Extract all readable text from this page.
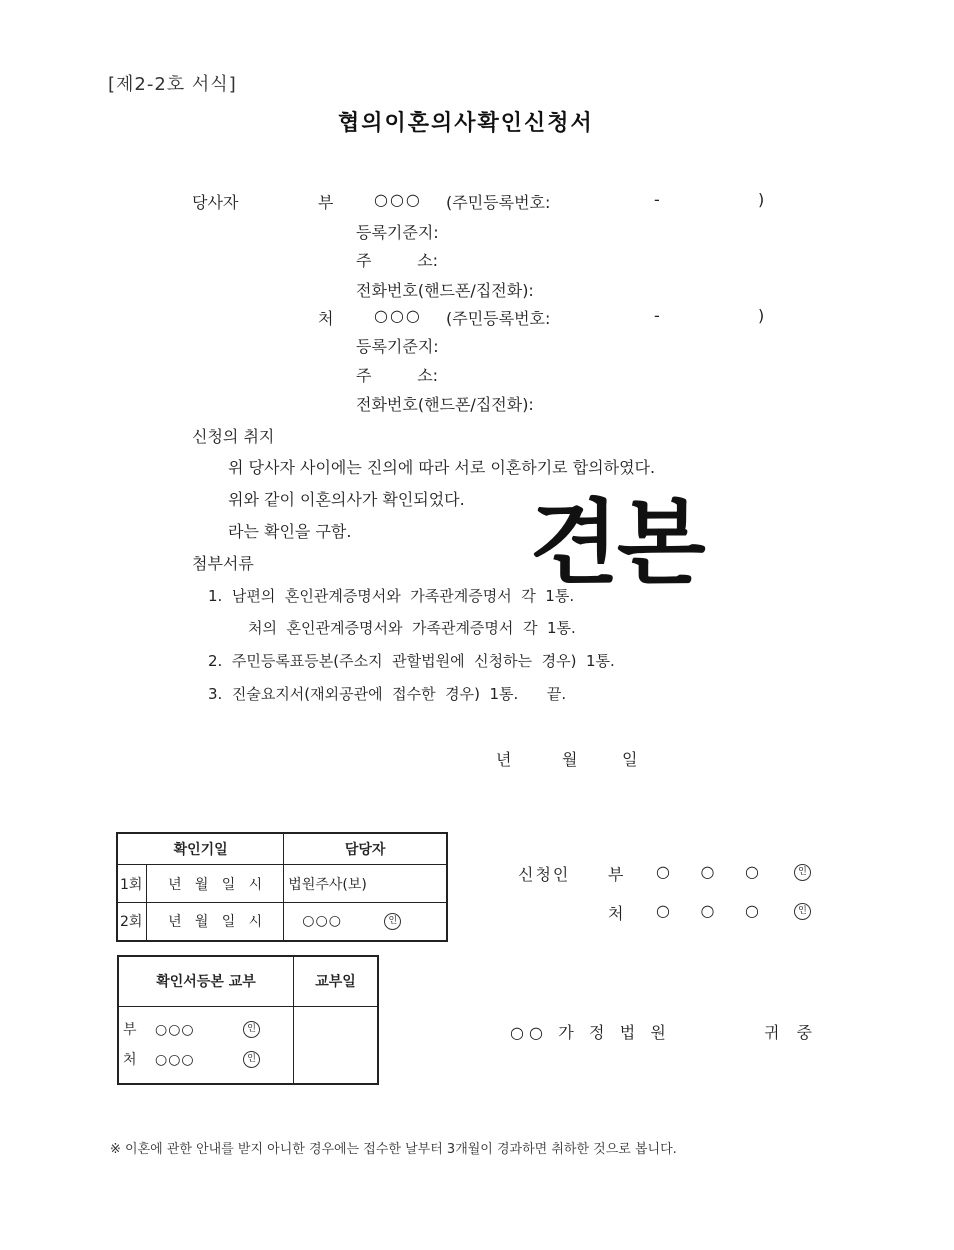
[제2-2호 서식]
협의이혼의사확인신청서
당사자	부	○○○ (주민등록번호:	-	)
등록기준지:
주         소:
전화번호(핸드폰/집전화):
처	○○○ (주민등록번호:	-	)
등록기준지:
주         소:
전화번호(핸드폰/집전화):
신청의 취지
위 당사자 사이에는 진의에 따라 서로 이혼하기로 합의하였다.
위와 같이 이혼의사가 확인되었다.
라는 확인을 구함. 견본
첨부서류
1.  남편의  혼인관계증명서와  가족관계증명서  각  1통.
처의  혼인관계증명서와  가족관계증명서  각  1통.
2.  주민등록표등본(주소지  관할법원에  신청하는  경우)  1통.
3.  진술요지서(재외공관에  접수한  경우)  1통.      끝.
년	월	일
확인기일		담당자
1회	년   월   일   시	법원주사(보)
2회	년   월   일   시	○○○ 인
확인서등본 교부	교부일

부 ○○○ 인
처 ○○○ 인	

신청인 부 ○      ○      ○	인
처 ○      ○      ○	인
○ ○   가   정   법   원	귀 중
※ 이혼에 관한 안내를 받지 아니한 경우에는 접수한 날부터 3개월이 경과하면 취하한 것으로 봅니다.
